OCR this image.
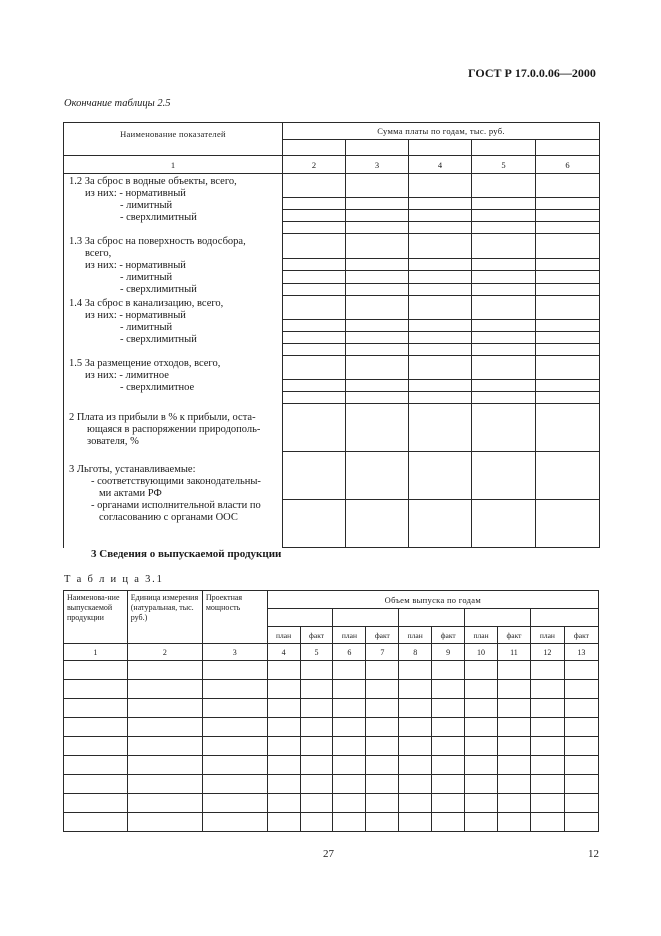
ГОСТ Р 17.0.0.06—2000
Окончание таблицы 2.5
Наименование показателей	Сумма платы по годам, тыс. руб.				

1	2	3	4	5	6

1.2 За сброс в водные объекты, всего,
из них: - нормативный
- лимитный
- сверхлимитный					

1.3 За сброс на поверхность водосбора,
всего,
из них: - нормативный
- лимитный
- сверхлимитный					

1.4 За сброс в канализацию, всего,
из них: - нормативный
- лимитный
- сверхлимитный					

1.5 За размещение отходов, всего,
из них: - лимитное
- сверхлимитное					

2 Плата из прибыли в % к прибыли, оста-
ющаяся в распоряжении природополь-
зователя, %					

3 Льготы, устанавливаемые:
- соответствующими законодательны-
ми актами РФ
- органами исполнительной власти по
согласованию с органами ООС					

3 Сведения о выпускаемой продукции
Т а б л и ц а 3.1
Наименова-ние выпускаемой продукции	Единица измерения (натуральная, тыс. руб.)	Проектная мощность	Объем выпуска по годам									

			план	факт	план	факт	план	факт	план	факт	план	факт
1	2	3	4	5	6	7	8	9	10	11	12	13

27	12
